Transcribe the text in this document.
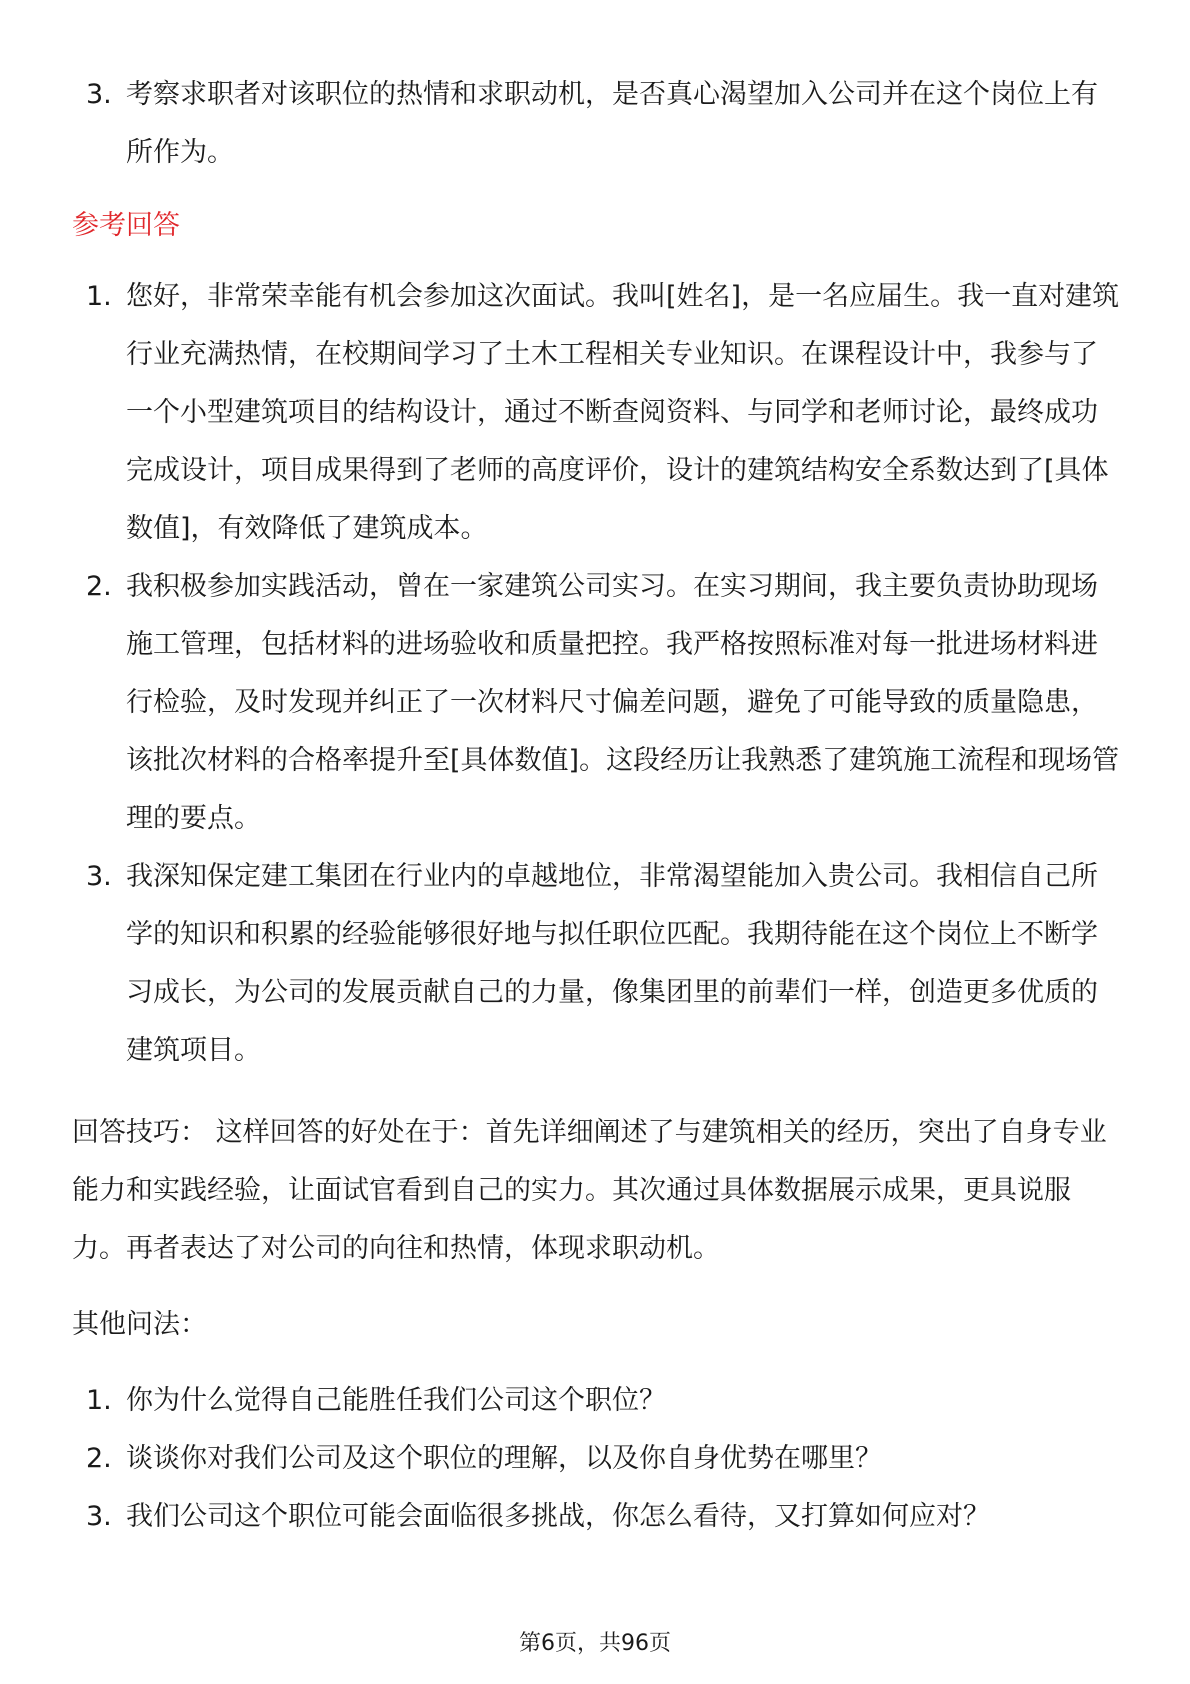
3. 考察求职者对该职位的热情和求职动机，是否真心渴望加入公司并在这个岗位上有所作为。
参考回答
1. 您好，非常荣幸能有机会参加这次面试。我叫[姓名]，是一名应届生。我一直对建筑行业充满热情，在校期间学习了土木工程相关专业知识。在课程设计中，我参与了一个小型建筑项目的结构设计，通过不断查阅资料、与同学和老师讨论，最终成功完成设计，项目成果得到了老师的高度评价，设计的建筑结构安全系数达到了[具体数值]，有效降低了建筑成本。
2. 我积极参加实践活动，曾在一家建筑公司实习。在实习期间，我主要负责协助现场施工管理，包括材料的进场验收和质量把控。我严格按照标准对每一批进场材料进行检验，及时发现并纠正了一次材料尺寸偏差问题，避免了可能导致的质量隐患，该批次材料的合格率提升至[具体数值]。这段经历让我熟悉了建筑施工流程和现场管理的要点。
3. 我深知保定建工集团在行业内的卓越地位，非常渴望能加入贵公司。我相信自己所学的知识和积累的经验能够很好地与拟任职位匹配。我期待能在这个岗位上不断学习成长，为公司的发展贡献自己的力量，像集团里的前辈们一样，创造更多优质的建筑项目。
回答技巧： 这样回答的好处在于：首先详细阐述了与建筑相关的经历，突出了自身专业能力和实践经验，让面试官看到自己的实力。其次通过具体数据展示成果，更具说服力。再者表达了对公司的向往和热情，体现求职动机。
其他问法：
1. 你为什么觉得自己能胜任我们公司这个职位？
2. 谈谈你对我们公司及这个职位的理解，以及你自身优势在哪里？
3. 我们公司这个职位可能会面临很多挑战，你怎么看待，又打算如何应对？
第6页，共96页
